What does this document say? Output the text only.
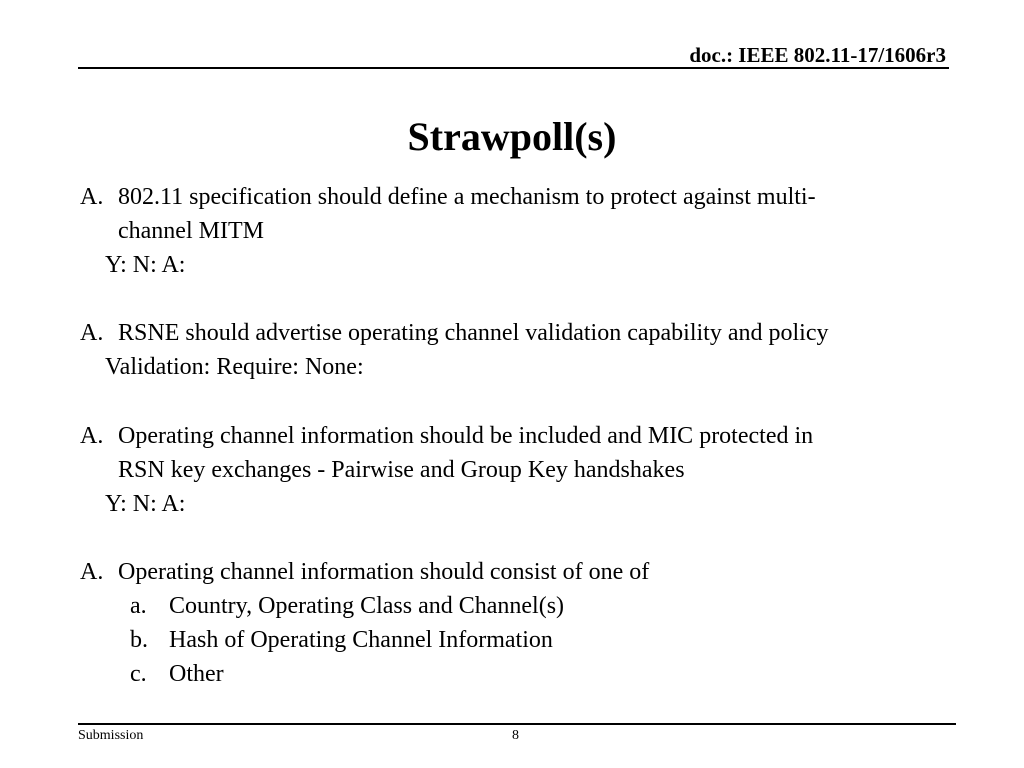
doc.: IEEE 802.11-17/1606r3
Strawpoll(s)
A. 802.11 specification should define a mechanism to protect against multi-
channel MITM
Y: N: A:
A. RSNE should advertise operating channel validation capability and policy
Validation: Require: None:
A. Operating channel information should be included and MIC protected in
RSN key exchanges - Pairwise and Group Key handshakes
Y: N: A:
A. Operating channel information should consist of one of
a. Country, Operating Class and Channel(s)
b. Hash of Operating Channel Information
c. Other
Submission	8
